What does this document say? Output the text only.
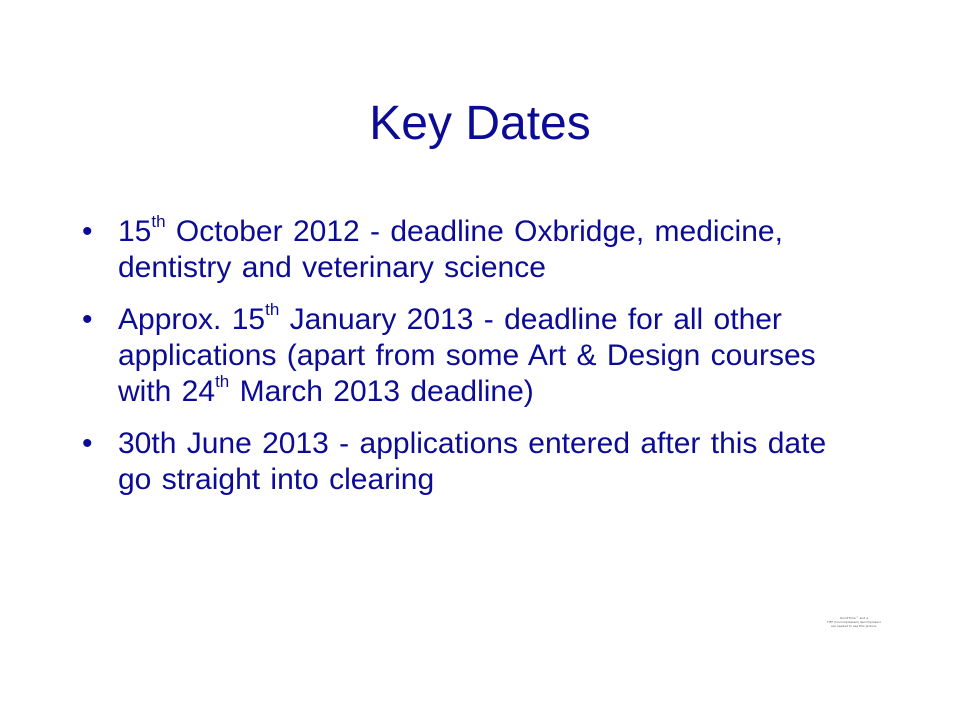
Key Dates
• 15th October 2012 - deadline Oxbridge, medicine, dentistry and veterinary science
• Approx. 15th January 2013 - deadline for all other applications (apart from some Art & Design courses with 24th March 2013 deadline)
• 30th June 2013 - applications entered after this date go straight into clearing
QuickTime™ and a
TIFF (Uncompressed) decompressor
are needed to see this picture.
